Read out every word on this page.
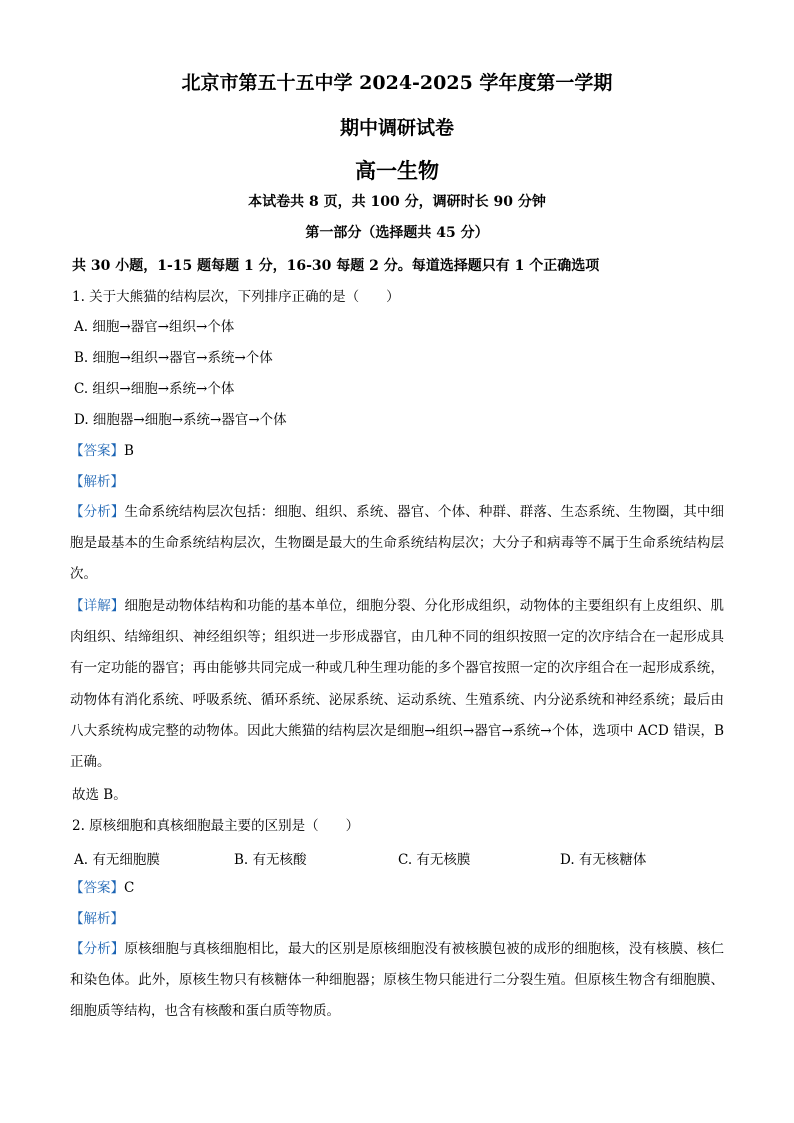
北京市第五十五中学 2024-2025 学年度第一学期
期中调研试卷
高一生物
本试卷共 8 页，共 100 分，调研时长 90 分钟
第一部分（选择题共 45 分）
共 30 小题，1-15 题每题 1 分，16-30 每题 2 分。每道选择题只有 1 个正确选项
1. 关于大熊猫的结构层次，下列排序正确的是（　　）
A. 细胞→器官→组织→个体
B. 细胞→组织→器官→系统→个体
C. 组织→细胞→系统→个体
D. 细胞器→细胞→系统→器官→个体
【答案】B
【解析】
【分析】生命系统结构层次包括：细胞、组织、系统、器官、个体、种群、群落、生态系统、生物圈，其中细胞是最基本的生命系统结构层次，生物圈是最大的生命系统结构层次；大分子和病毒等不属于生命系统结构层次。
【详解】细胞是动物体结构和功能的基本单位，细胞分裂、分化形成组织，动物体的主要组织有上皮组织、肌肉组织、结缔组织、神经组织等；组织进一步形成器官，由几种不同的组织按照一定的次序结合在一起形成具有一定功能的器官；再由能够共同完成一种或几种生理功能的多个器官按照一定的次序组合在一起形成系统，动物体有消化系统、呼吸系统、循环系统、泌尿系统、运动系统、生殖系统、内分泌系统和神经系统；最后由八大系统构成完整的动物体。因此大熊猫的结构层次是细胞→组织→器官→系统→个体，选项中 ACD 错误，B 正确。
故选 B。
2. 原核细胞和真核细胞最主要的区别是（　　）
A. 有无细胞膜	B. 有无核酸	C. 有无核膜	D. 有无核糖体
【答案】C
【解析】
【分析】原核细胞与真核细胞相比，最大的区别是原核细胞没有被核膜包被的成形的细胞核，没有核膜、核仁和染色体。此外，原核生物只有核糖体一种细胞器；原核生物只能进行二分裂生殖。但原核生物含有细胞膜、细胞质等结构，也含有核酸和蛋白质等物质。
